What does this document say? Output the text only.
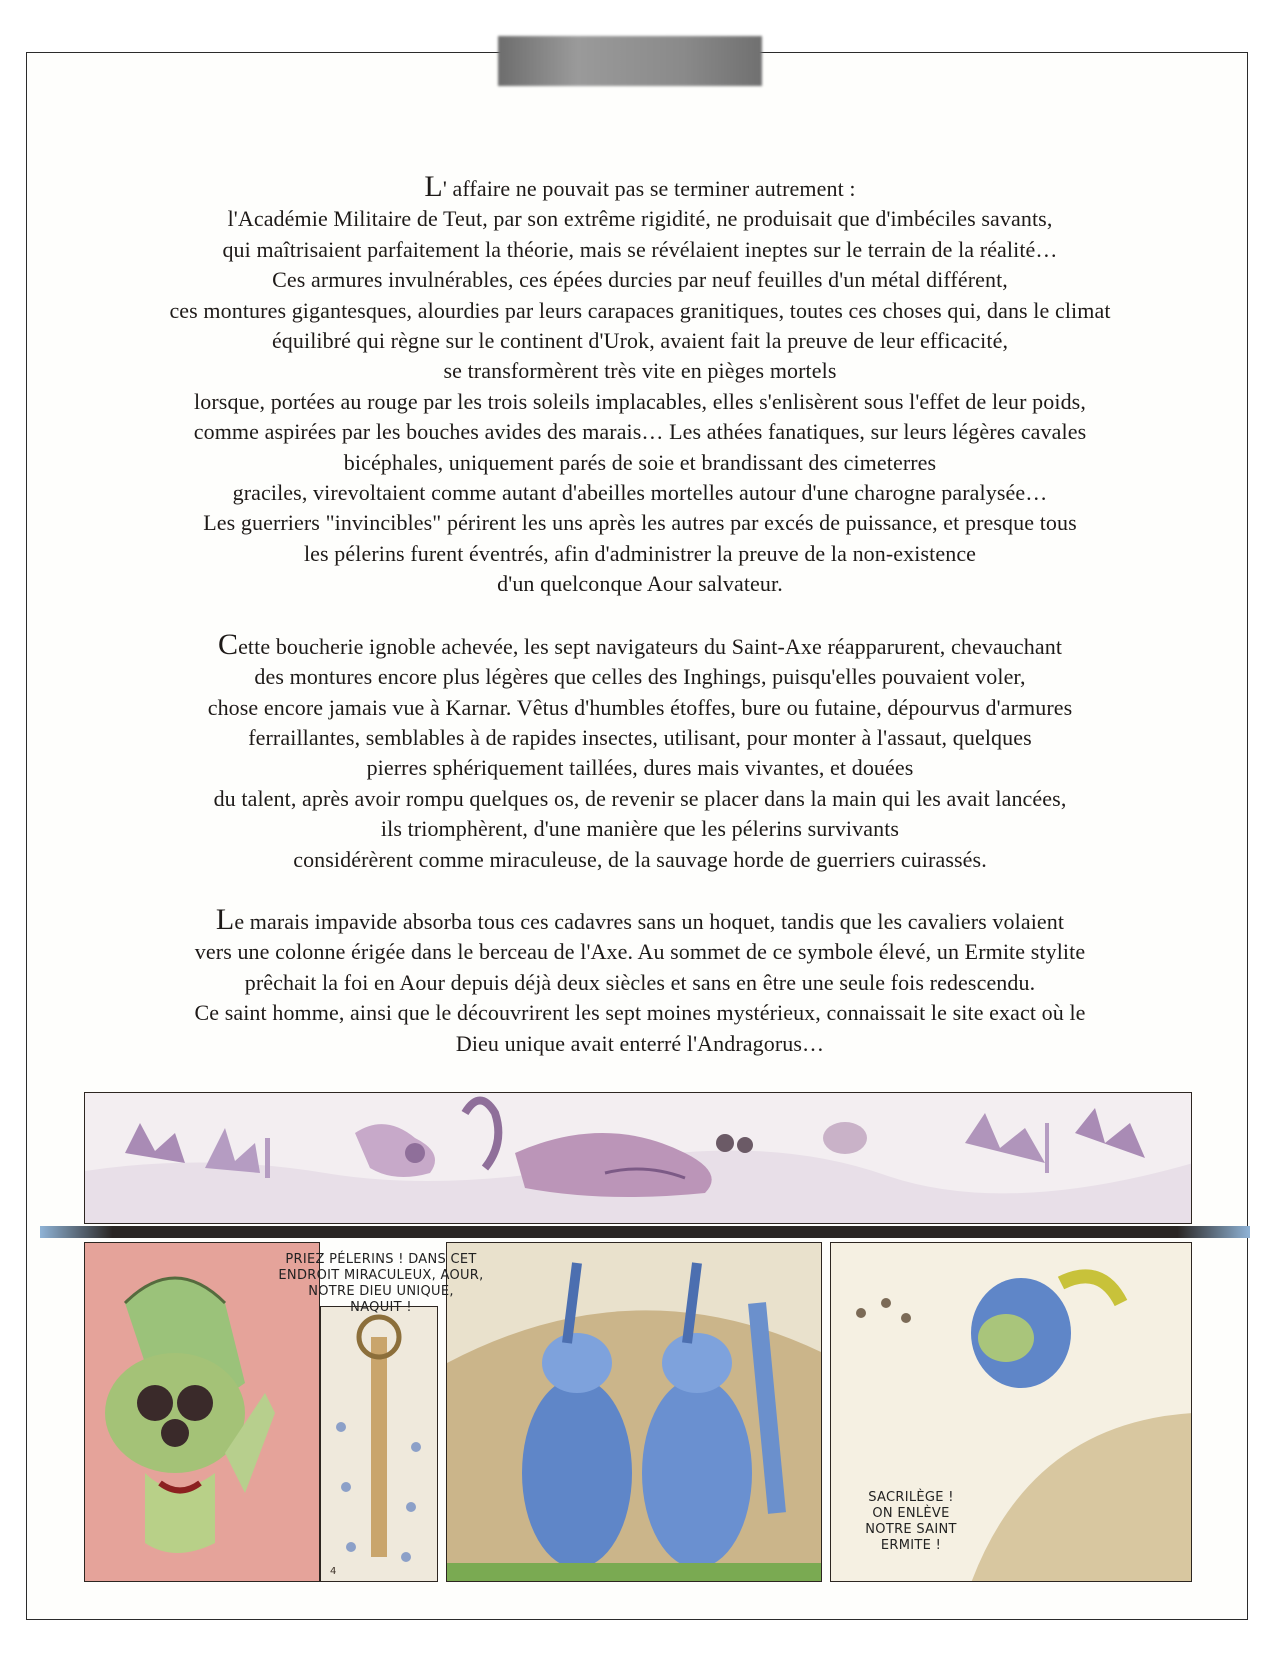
L' affaire ne pouvait pas se terminer autrement :

l'Académie Militaire de Teut, par son extrême rigidité, ne produisait que d'imbéciles savants,

qui maîtrisaient parfaitement la théorie, mais se révélaient ineptes sur le terrain de la réalité…

Ces armures invulnérables, ces épées durcies par neuf feuilles d'un métal différent,

ces montures gigantesques, alourdies par leurs carapaces granitiques, toutes ces choses qui, dans le climat

équilibré qui règne sur le continent d'Urok, avaient fait la preuve de leur efficacité,

se transformèrent très vite en pièges mortels

lorsque, portées au rouge par les trois soleils implacables, elles s'enlisèrent sous l'effet de leur poids,

comme aspirées par les bouches avides des marais… Les athées fanatiques, sur leurs légères cavales

bicéphales, uniquement parés de soie et brandissant des cimeterres

graciles, virevoltaient comme autant d'abeilles mortelles autour d'une charogne paralysée…

Les guerriers "invincibles" périrent les uns après les autres par excés de puissance, et presque tous

les pélerins furent éventrés, afin d'administrer la preuve de la non-existence

d'un quelconque Aour salvateur.

Cette boucherie ignoble achevée, les sept navigateurs du Saint-Axe réapparurent, chevauchant

des montures encore plus légères que celles des Inghings, puisqu'elles pouvaient voler,

chose encore jamais vue à Karnar. Vêtus d'humbles étoffes, bure ou futaine, dépourvus d'armures

ferraillantes, semblables à de rapides insectes, utilisant, pour monter à l'assaut, quelques

pierres sphériquement taillées, dures mais vivantes, et douées

du talent, après avoir rompu quelques os, de revenir se placer dans la main qui les avait lancées,

ils triomphèrent, d'une manière que les pélerins survivants

considérèrent comme miraculeuse, de la sauvage horde de guerriers cuirassés.

Le marais impavide absorba tous ces cadavres sans un hoquet, tandis que les cavaliers volaient

vers une colonne érigée dans le berceau de l'Axe. Au sommet de ce symbole élevé, un Ermite stylite

prêchait la foi en Aour depuis déjà deux siècles et sans en être une seule fois redescendu.

Ce saint homme, ainsi que le découvrirent les sept moines mystérieux, connaissait le site exact où le

Dieu unique avait enterré l'Andragorus…

PRIEZ PÉLERINS ! DANS CET

ENDROIT MIRACULEUX, AOUR,

NOTRE DIEU UNIQUE,

NAQUIT !

SACRILÈGE !

ON ENLÈVE

NOTRE SAINT

ERMITE !

4
